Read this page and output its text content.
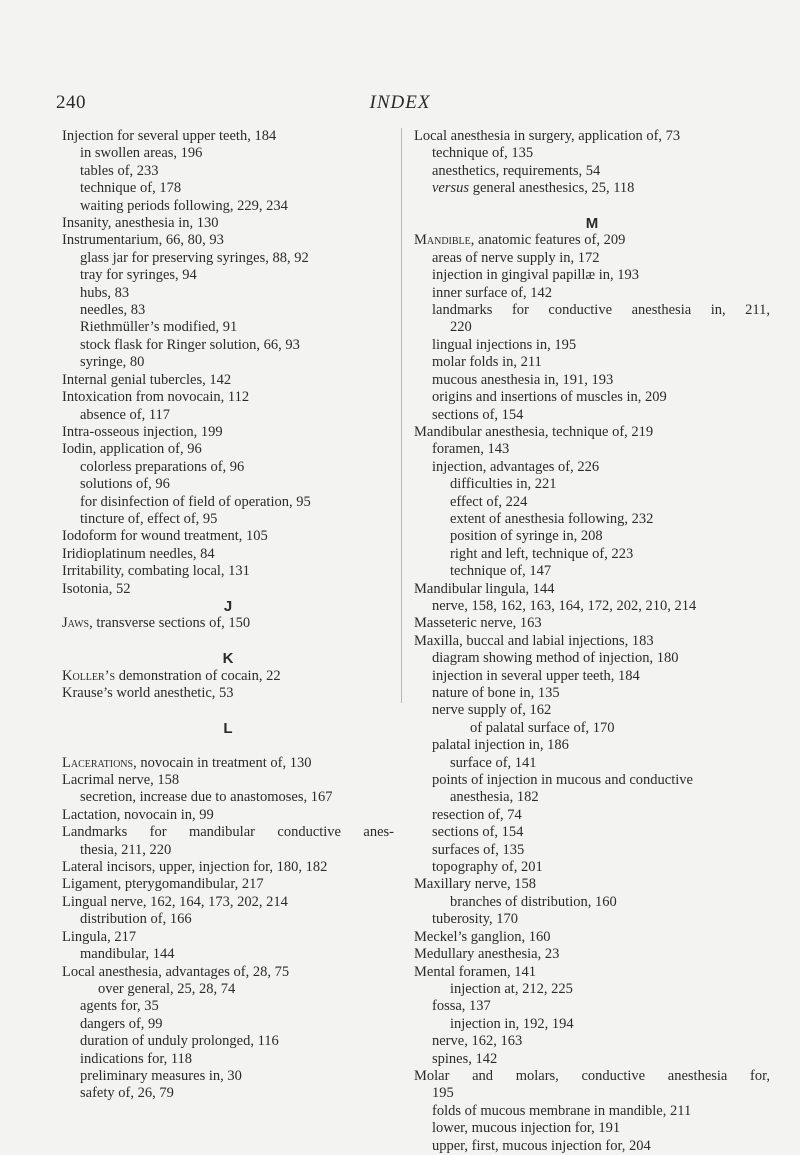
240	INDEX
Injection for several upper teeth, 184
in swollen areas, 196
tables of, 233
technique of, 178
waiting periods following, 229, 234
Insanity, anesthesia in, 130
Instrumentarium, 66, 80, 93
glass jar for preserving syringes, 88, 92
tray for syringes, 94
hubs, 83
needles, 83
Riethmüller’s modified, 91
stock flask for Ringer solution, 66, 93
syringe, 80
Internal genial tubercles, 142
Intoxication from novocain, 112
absence of, 117
Intra-osseous injection, 199
Iodin, application of, 96
colorless preparations of, 96
solutions of, 96
for disinfection of field of operation, 95
tincture of, effect of, 95
Iodoform for wound treatment, 105
Iridioplatinum needles, 84
Irritability, combating local, 131
Isotonia, 52
J
Jaws, transverse sections of, 150

K
Koller’s demonstration of cocain, 22
Krause’s world anesthetic, 53

L

Lacerations, novocain in treatment of, 130
Lacrimal nerve, 158
secretion, increase due to anastomoses, 167
Lactation, novocain in, 99
Landmarks for mandibular conductive anes-
thesia, 211, 220
Lateral incisors, upper, injection for, 180, 182
Ligament, pterygomandibular, 217
Lingual nerve, 162, 164, 173, 202, 214
distribution of, 166
Lingula, 217
mandibular, 144
Local anesthesia, advantages of, 28, 75
over general, 25, 28, 74
agents for, 35
dangers of, 99
duration of unduly prolonged, 116
indications for, 118
preliminary measures in, 30
safety of, 26, 79
Local anesthesia in surgery, application of, 73
technique of, 135
anesthetics, requirements, 54
versus general anesthesics, 25, 118

M
Mandible, anatomic features of, 209
areas of nerve supply in, 172
injection in gingival papillæ in, 193
inner surface of, 142
landmarks for conductive anesthesia in, 211,
220
lingual injections in, 195
molar folds in, 211
mucous anesthesia in, 191, 193
origins and insertions of muscles in, 209
sections of, 154
Mandibular anesthesia, technique of, 219
foramen, 143
injection, advantages of, 226
difficulties in, 221
effect of, 224
extent of anesthesia following, 232
position of syringe in, 208
right and left, technique of, 223
technique of, 147
Mandibular lingula, 144
nerve, 158, 162, 163, 164, 172, 202, 210, 214
Masseteric nerve, 163
Maxilla, buccal and labial injections, 183
diagram showing method of injection, 180
injection in several upper teeth, 184
nature of bone in, 135
nerve supply of, 162
of palatal surface of, 170
palatal injection in, 186
surface of, 141
points of injection in mucous and conductive
anesthesia, 182
resection of, 74
sections of, 154
surfaces of, 135
topography of, 201
Maxillary nerve, 158
branches of distribution, 160
tuberosity, 170
Meckel’s ganglion, 160
Medullary anesthesia, 23
Mental foramen, 141
injection at, 212, 225
fossa, 137
injection in, 192, 194
nerve, 162, 163
spines, 142
Molar and molars, conductive anesthesia for,
195
folds of mucous membrane in mandible, 211
lower, mucous injection for, 191
upper, first, mucous injection for, 204
